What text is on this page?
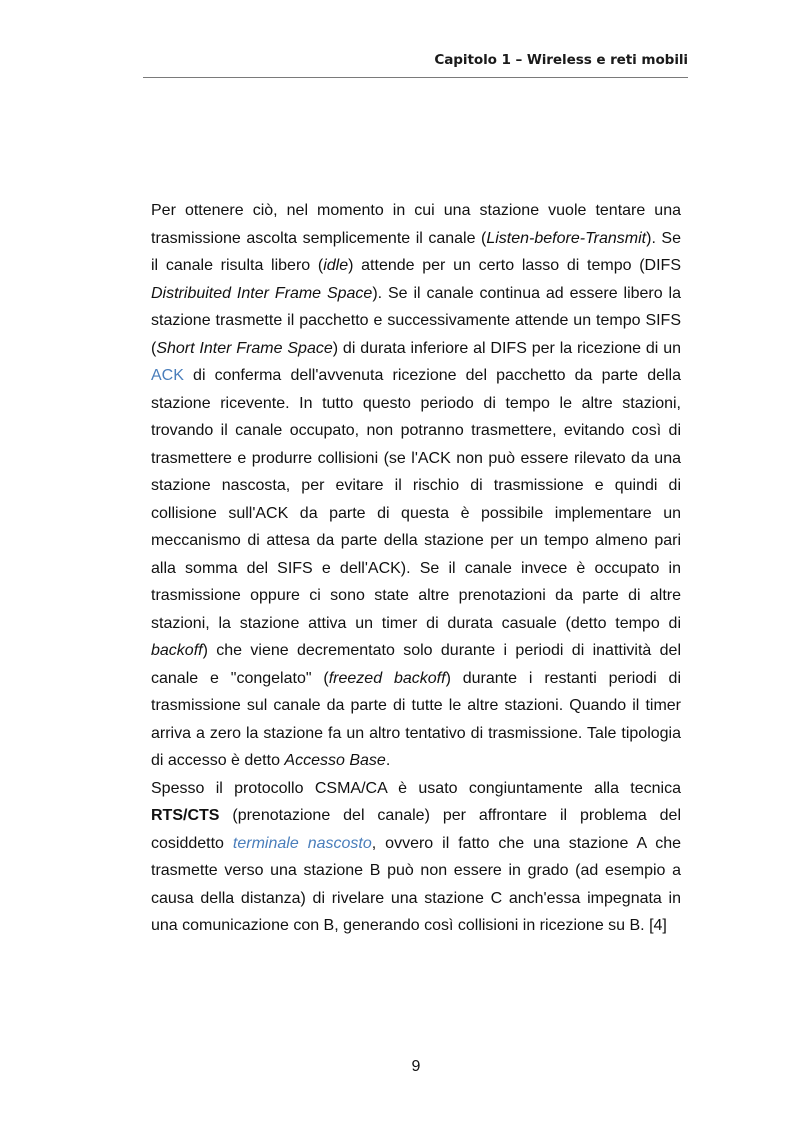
Capitolo 1 – Wireless e reti mobili

Per ottenere ciò, nel momento in cui una stazione vuole tentare una trasmissione ascolta semplicemente il canale (Listen-before-Transmit). Se il canale risulta libero (idle) attende per un certo lasso di tempo (DIFS Distribuited Inter Frame Space). Se il canale continua ad essere libero la stazione trasmette il pacchetto e successivamente attende un tempo SIFS (Short Inter Frame Space) di durata inferiore al DIFS per la ricezione di un ACK di conferma dell'avvenuta ricezione del pacchetto da parte della stazione ricevente. In tutto questo periodo di tempo le altre stazioni, trovando il canale occupato, non potranno trasmettere, evitando così di trasmettere e produrre collisioni (se l'ACK non può essere rilevato da una stazione nascosta, per evitare il rischio di trasmissione e quindi di collisione sull'ACK da parte di questa è possibile implementare un meccanismo di attesa da parte della stazione per un tempo almeno pari alla somma del SIFS e dell'ACK). Se il canale invece è occupato in trasmissione oppure ci sono state altre prenotazioni da parte di altre stazioni, la stazione attiva un timer di durata casuale (detto tempo di backoff) che viene decrementato solo durante i periodi di inattività del canale e "congelato" (freezed backoff) durante i restanti periodi di trasmissione sul canale da parte di tutte le altre stazioni. Quando il timer arriva a zero la stazione fa un altro tentativo di trasmissione. Tale tipologia di accesso è detto Accesso Base.

Spesso il protocollo CSMA/CA è usato congiuntamente alla tecnica RTS/CTS (prenotazione del canale) per affrontare il problema del cosiddetto terminale nascosto, ovvero il fatto che una stazione A che trasmette verso una stazione B può non essere in grado (ad esempio a causa della distanza) di rivelare una stazione C anch'essa impegnata in una comunicazione con B, generando così collisioni in ricezione su B. [4]

9
